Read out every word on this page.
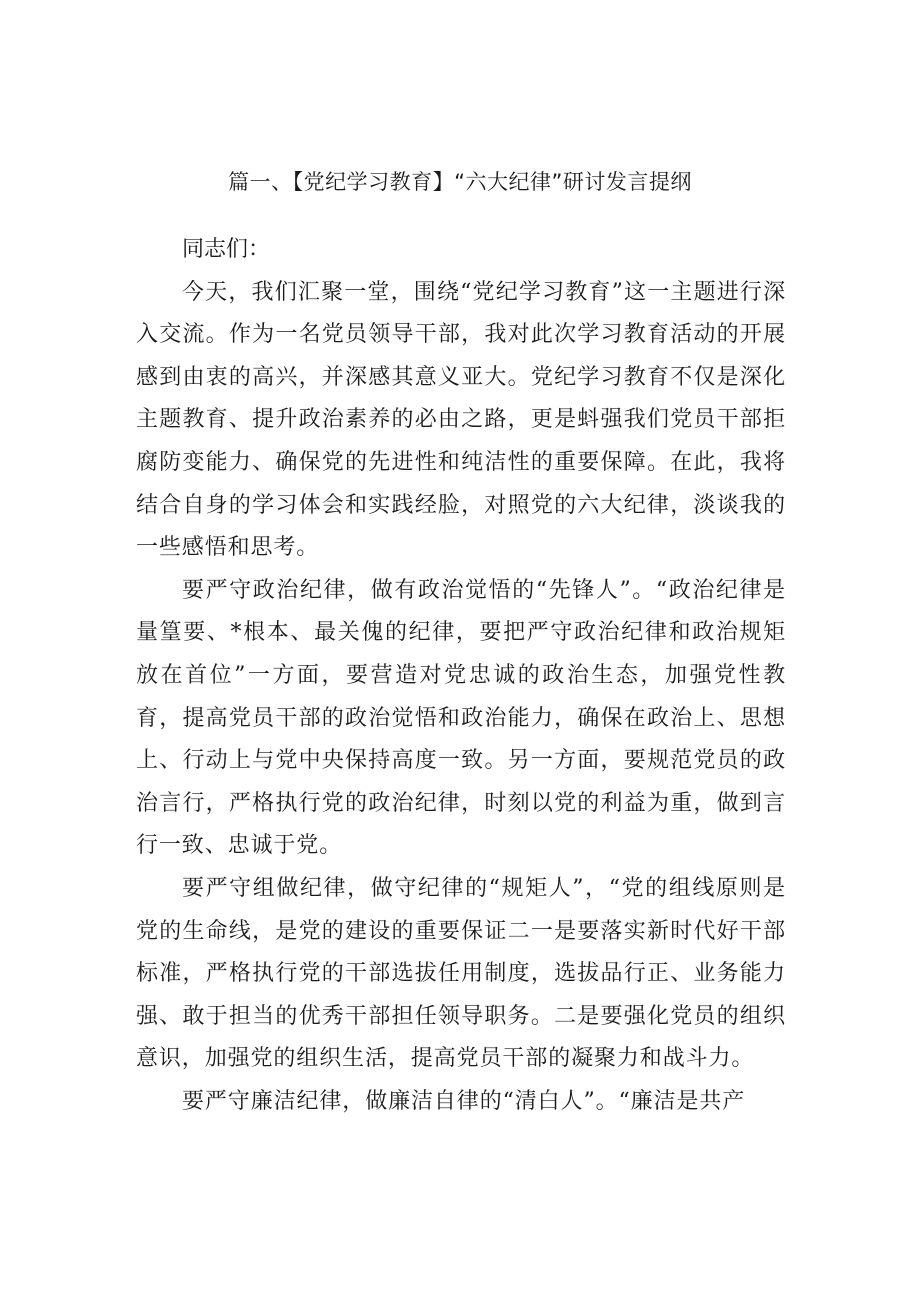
篇一、【党纪学习教育】“六大纪律”研讨发言提纲

同志们：

今天，我们汇聚一堂，围绕“党纪学习教育”这一主题进行深入交流。作为一名党员领导干部，我对此次学习教育活动的开展感到由衷的高兴，并深感其意义亚大。党纪学习教育不仅是深化主题教育、提升政治素养的必由之路，更是蚪强我们党员干部拒腐防变能力、确保党的先进性和纯洁性的重要保障。在此，我将结合自身的学习体会和实践经脸，对照党的六大纪律，淡谈我的一些感悟和思考。

要严守政治纪律，做有政治觉悟的“先锋人”。“政治纪律是量篁要、*根本、最关傀的纪律，要把严守政治纪律和政治规矩放在首位”一方面，要营造对党忠诚的政治生态，加强党性教育，提高党员干部的政治觉悟和政治能力，确保在政治上、思想上、行动上与党中央保持高度一致。另一方面，要规范党员的政治言行，严格执行党的政治纪律，时刻以党的利益为重，做到言行一致、忠诚于党。

要严守组做纪律，做守纪律的“规矩人”，“党的组线原则是党的生命线，是党的建设的重要保证二一是要落实新时代好干部标准，严格执行党的干部选拔任用制度，选拔品行正、业务能力强、敢于担当的优秀干部担任领导职务。二是要强化党员的组织意识，加强党的组织生活，提高党员干部的凝聚力和战斗力。

要严守廉洁纪律，做廉洁自律的“清白人”。“廉洁是共产
